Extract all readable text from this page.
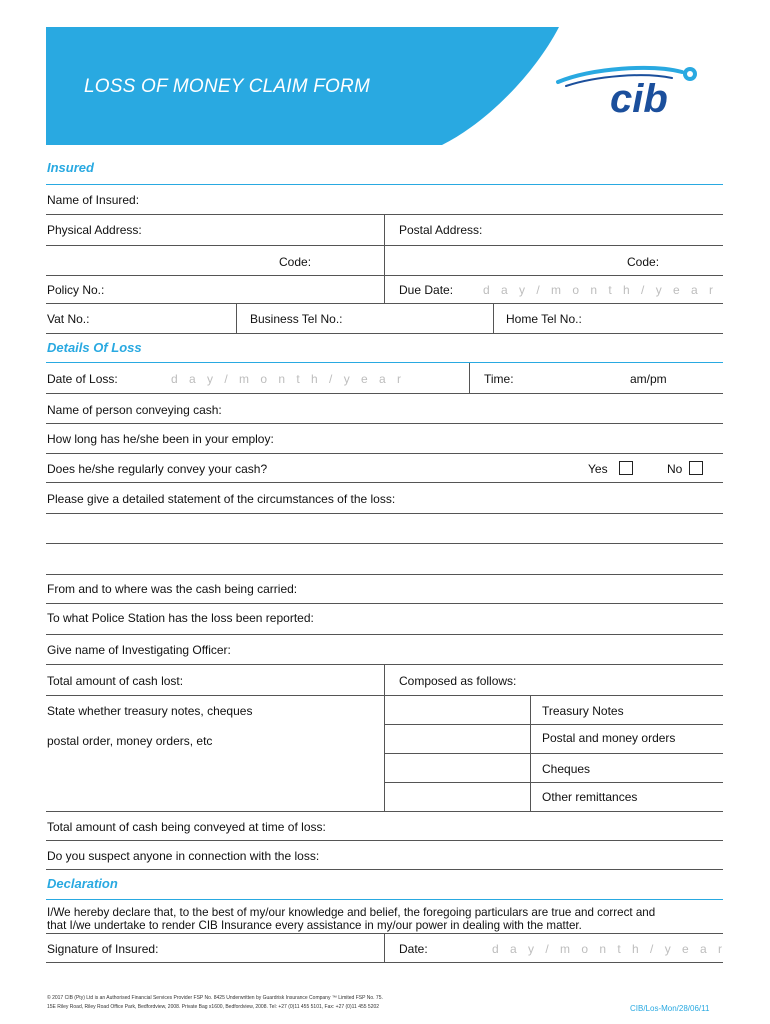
LOSS OF MONEY CLAIM FORM	cib
Insured
Name of Insured:
Physical Address:	Postal Address:
Code:	Code:
Policy No.:	Due Date: d a y / m o n t h / y e a r
Vat No.:	Business Tel No.:	Home Tel No.:
Details Of Loss
Date of Loss:	d a y / m o n t h / y e a r	Time:	am/pm
Name of person conveying cash:
How long has he/she been in your employ:
Does he/she regularly convey your cash?	Yes	No
Please give a detailed statement of the circumstances of the loss:
From and to where was the cash being carried:
To what Police Station has the loss been reported:
Give name of Investigating Officer:
Total amount of cash lost:	Composed as follows:
State whether treasury notes, cheques
postal order, money orders, etc
Treasury Notes
Postal and money orders
Cheques
Other remittances
Total amount of cash being conveyed at time of loss:
Do you suspect anyone in connection with the loss:
Declaration
I/We hereby declare that, to the best of my/our knowledge and belief, the foregoing particulars are true and correct and
that I/we undertake to render CIB Insurance every assistance in my/our power in dealing with the matter.
Signature of Insured:	Date:	d a y / m o n t h / y e a r
© 2017 CIB (Pty) Ltd is an Authorised Financial Services Provider FSP No. 8425 Underwritten by Guardrisk Insurance Company ™ Limited FSP No. 75.
15E Riley Road, Riley Road Office Park, Bedfordview, 2008. Private Bag x1600, Bedfordview, 2008. Tel: +27 (0)11 455 5101, Fax: +27 (0)11 455 5202	CIB/Los-Mon/28/06/11
